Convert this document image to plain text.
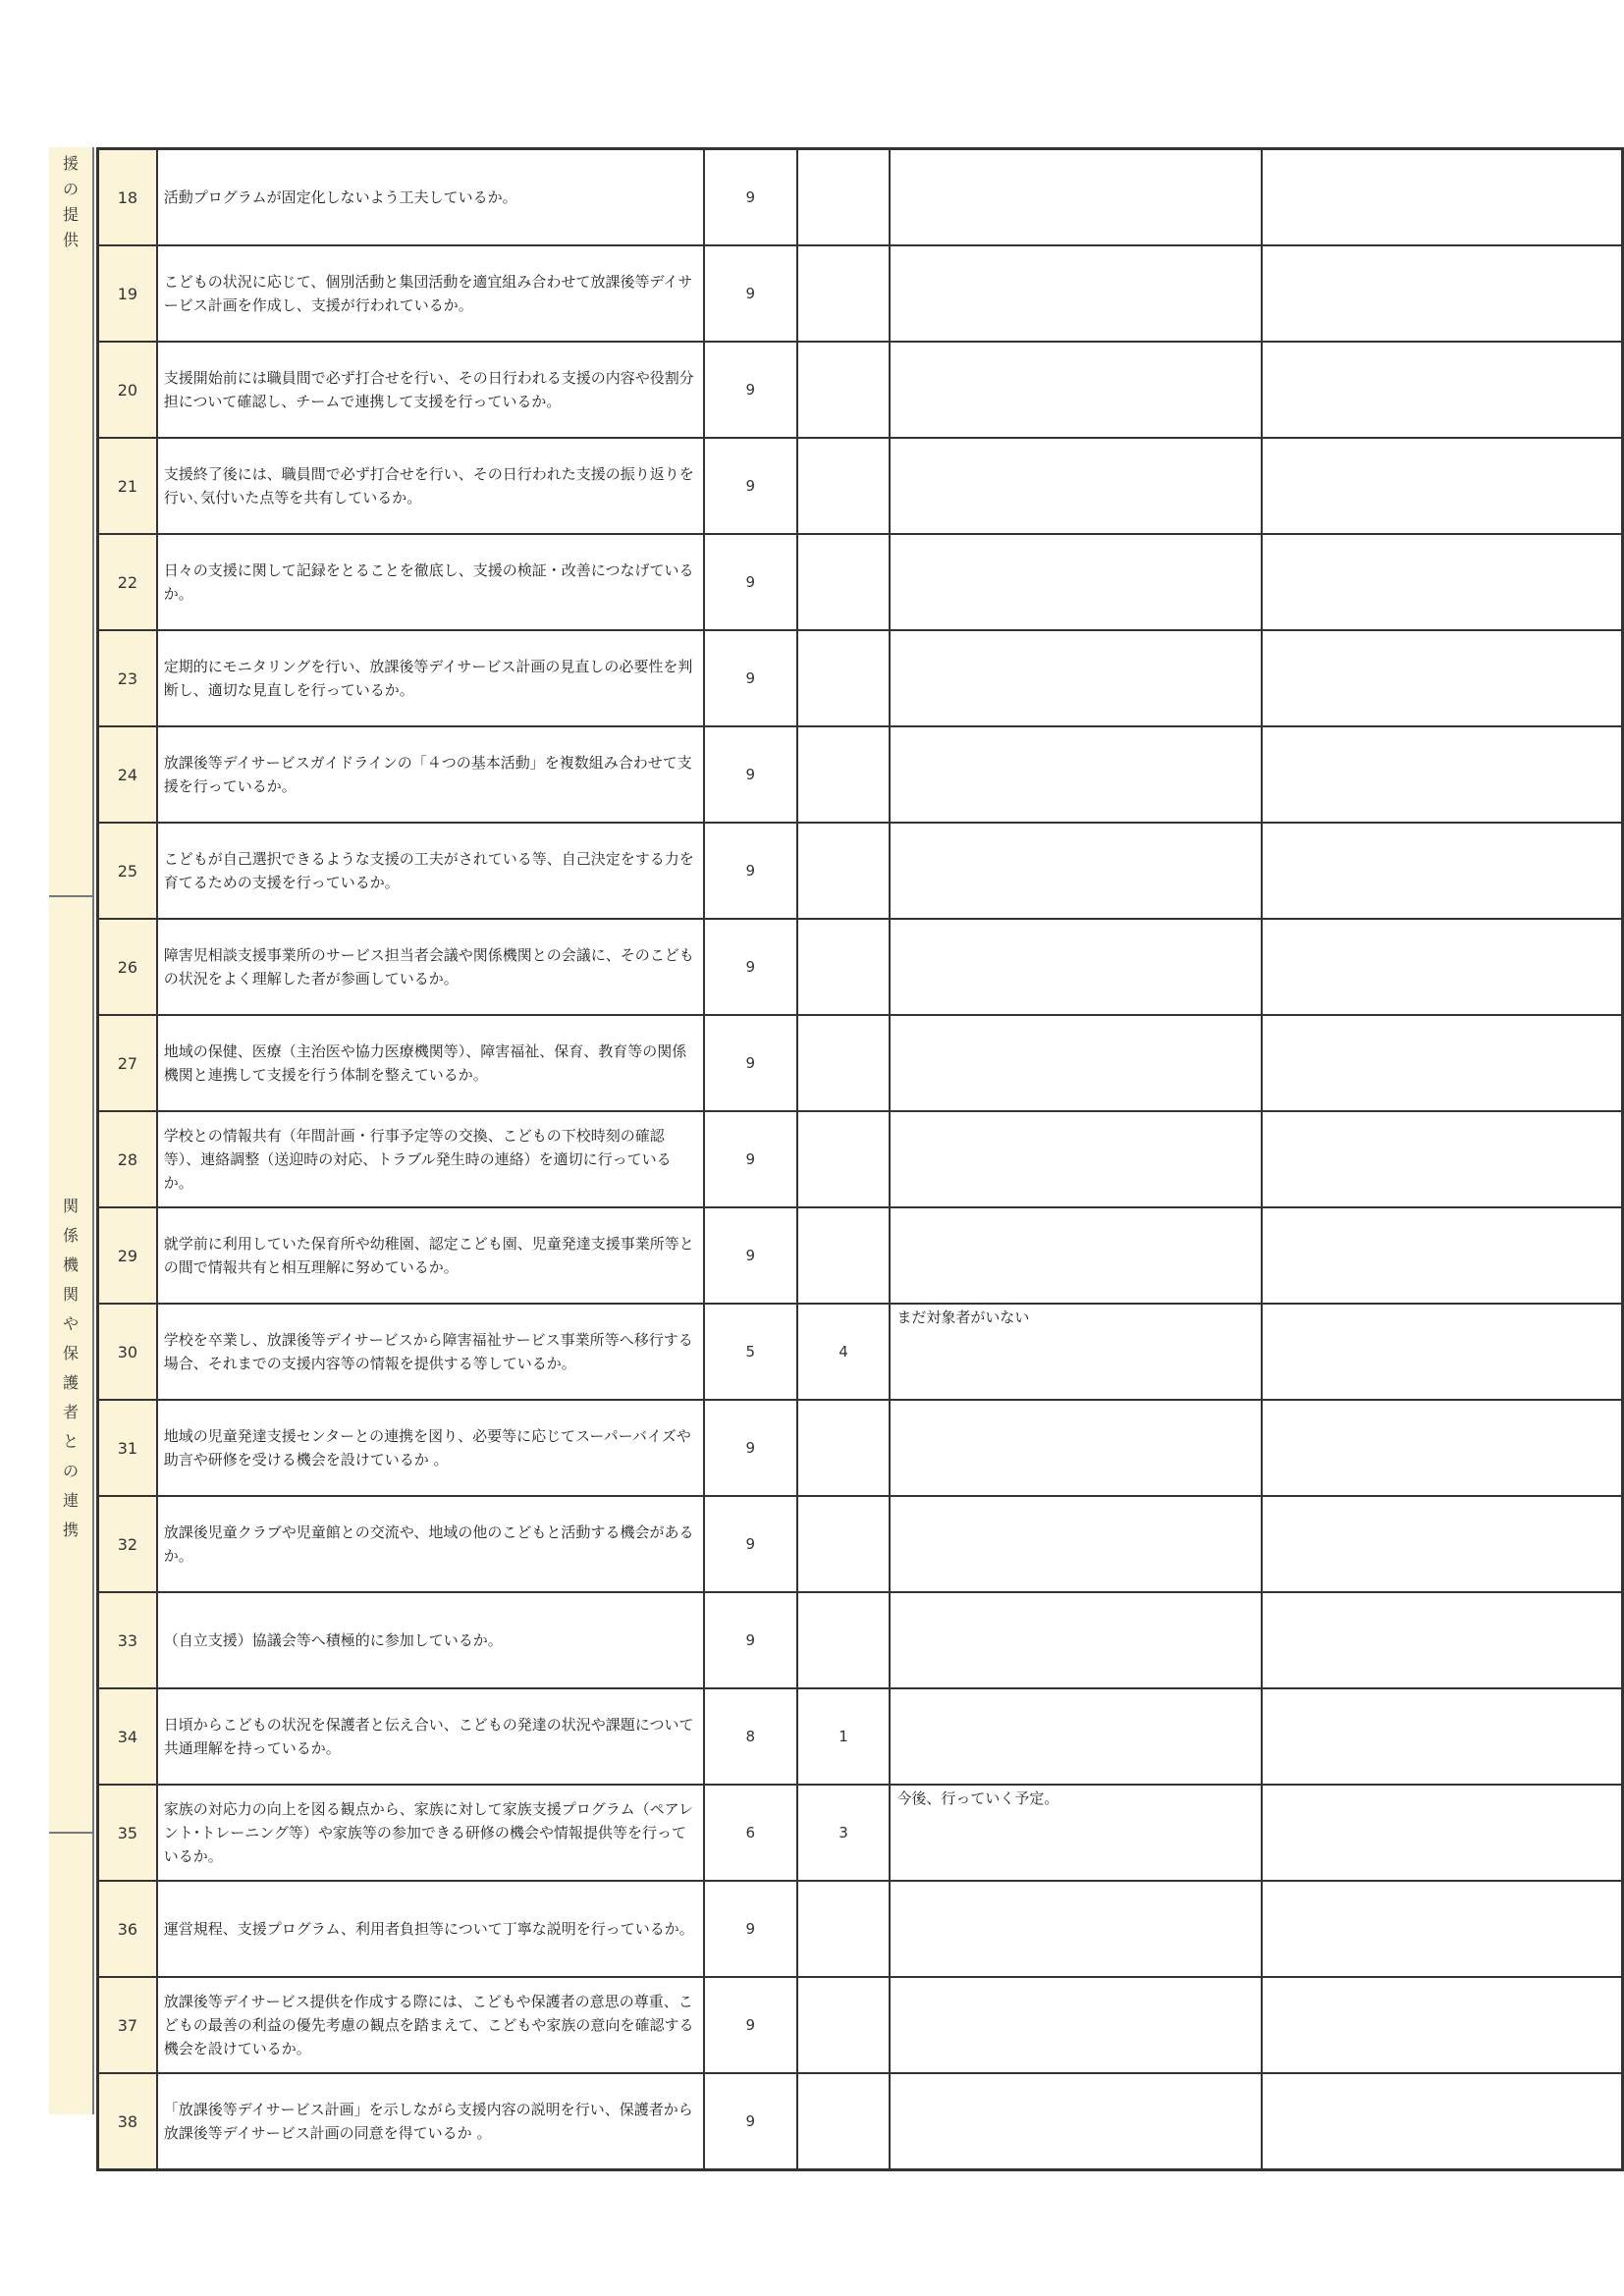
援の提供
関係機関や保護者との連携
18	活動プログラムが固定化しないよう工夫しているか。	9			
19	こどもの状況に応じて、個別活動と集団活動を適宜組み合わせて放課後等デイサービス計画を作成し、支援が行われているか。	9			
20	支援開始前には職員間で必ず打合せを行い、その日行われる支援の内容や役割分担について確認し、チームで連携して支援を行っているか。	9			
21	支援終了後には、職員間で必ず打合せを行い、その日行われた支援の振り返りを行い､気付いた点等を共有しているか。	9			
22	日々の支援に関して記録をとることを徹底し、支援の検証・改善につなげているか。	9			
23	定期的にモニタリングを行い、放課後等デイサービス計画の見直しの必要性を判断し、適切な見直しを行っているか。	9			
24	放課後等デイサービスガイドラインの「４つの基本活動」を複数組み合わせて支援を行っているか。	9			
25	こどもが自己選択できるような支援の工夫がされている等、自己決定をする力を育てるための支援を行っているか。	9			
26	障害児相談支援事業所のサービス担当者会議や関係機関との会議に、そのこどもの状況をよく理解した者が参画しているか。	9			
27	地域の保健、医療（主治医や協力医療機関等）、障害福祉、保育、教育等の関係機関と連携して支援を行う体制を整えているか。	9			
28	学校との情報共有（年間計画・行事予定等の交換、こどもの下校時刻の確認等）、連絡調整（送迎時の対応、トラブル発生時の連絡）を適切に行っているか。	9			
29	就学前に利用していた保育所や幼稚園、認定こども園、児童発達支援事業所等との間で情報共有と相互理解に努めているか。	9			
30	学校を卒業し、放課後等デイサービスから障害福祉サービス事業所等へ移行する場合、それまでの支援内容等の情報を提供する等しているか。	5	4	まだ対象者がいない	
31	地域の児童発達支援センターとの連携を図り、必要等に応じてスーパーバイズや助言や研修を受ける機会を設けているか 。	9			
32	放課後児童クラブや児童館との交流や、地域の他のこどもと活動する機会があるか。	9			
33	（自立支援）協議会等へ積極的に参加しているか。	9			
34	日頃からこどもの状況を保護者と伝え合い、こどもの発達の状況や課題について共通理解を持っているか。	8	1		
35	家族の対応力の向上を図る観点から、家族に対して家族支援プログラム（ペアレント･トレーニング等）や家族等の参加できる研修の機会や情報提供等を行っているか。	6	3	今後、行っていく予定。	
36	運営規程、支援プログラム、利用者負担等について丁寧な説明を行っているか。	9			
37	放課後等デイサービス提供を作成する際には、こどもや保護者の意思の尊重、こどもの最善の利益の優先考慮の観点を踏まえて、こどもや家族の意向を確認する機会を設けているか。	9			
38	「放課後等デイサービス計画」を示しながら支援内容の説明を行い、保護者から放課後等デイサービス計画の同意を得ているか 。	9			
